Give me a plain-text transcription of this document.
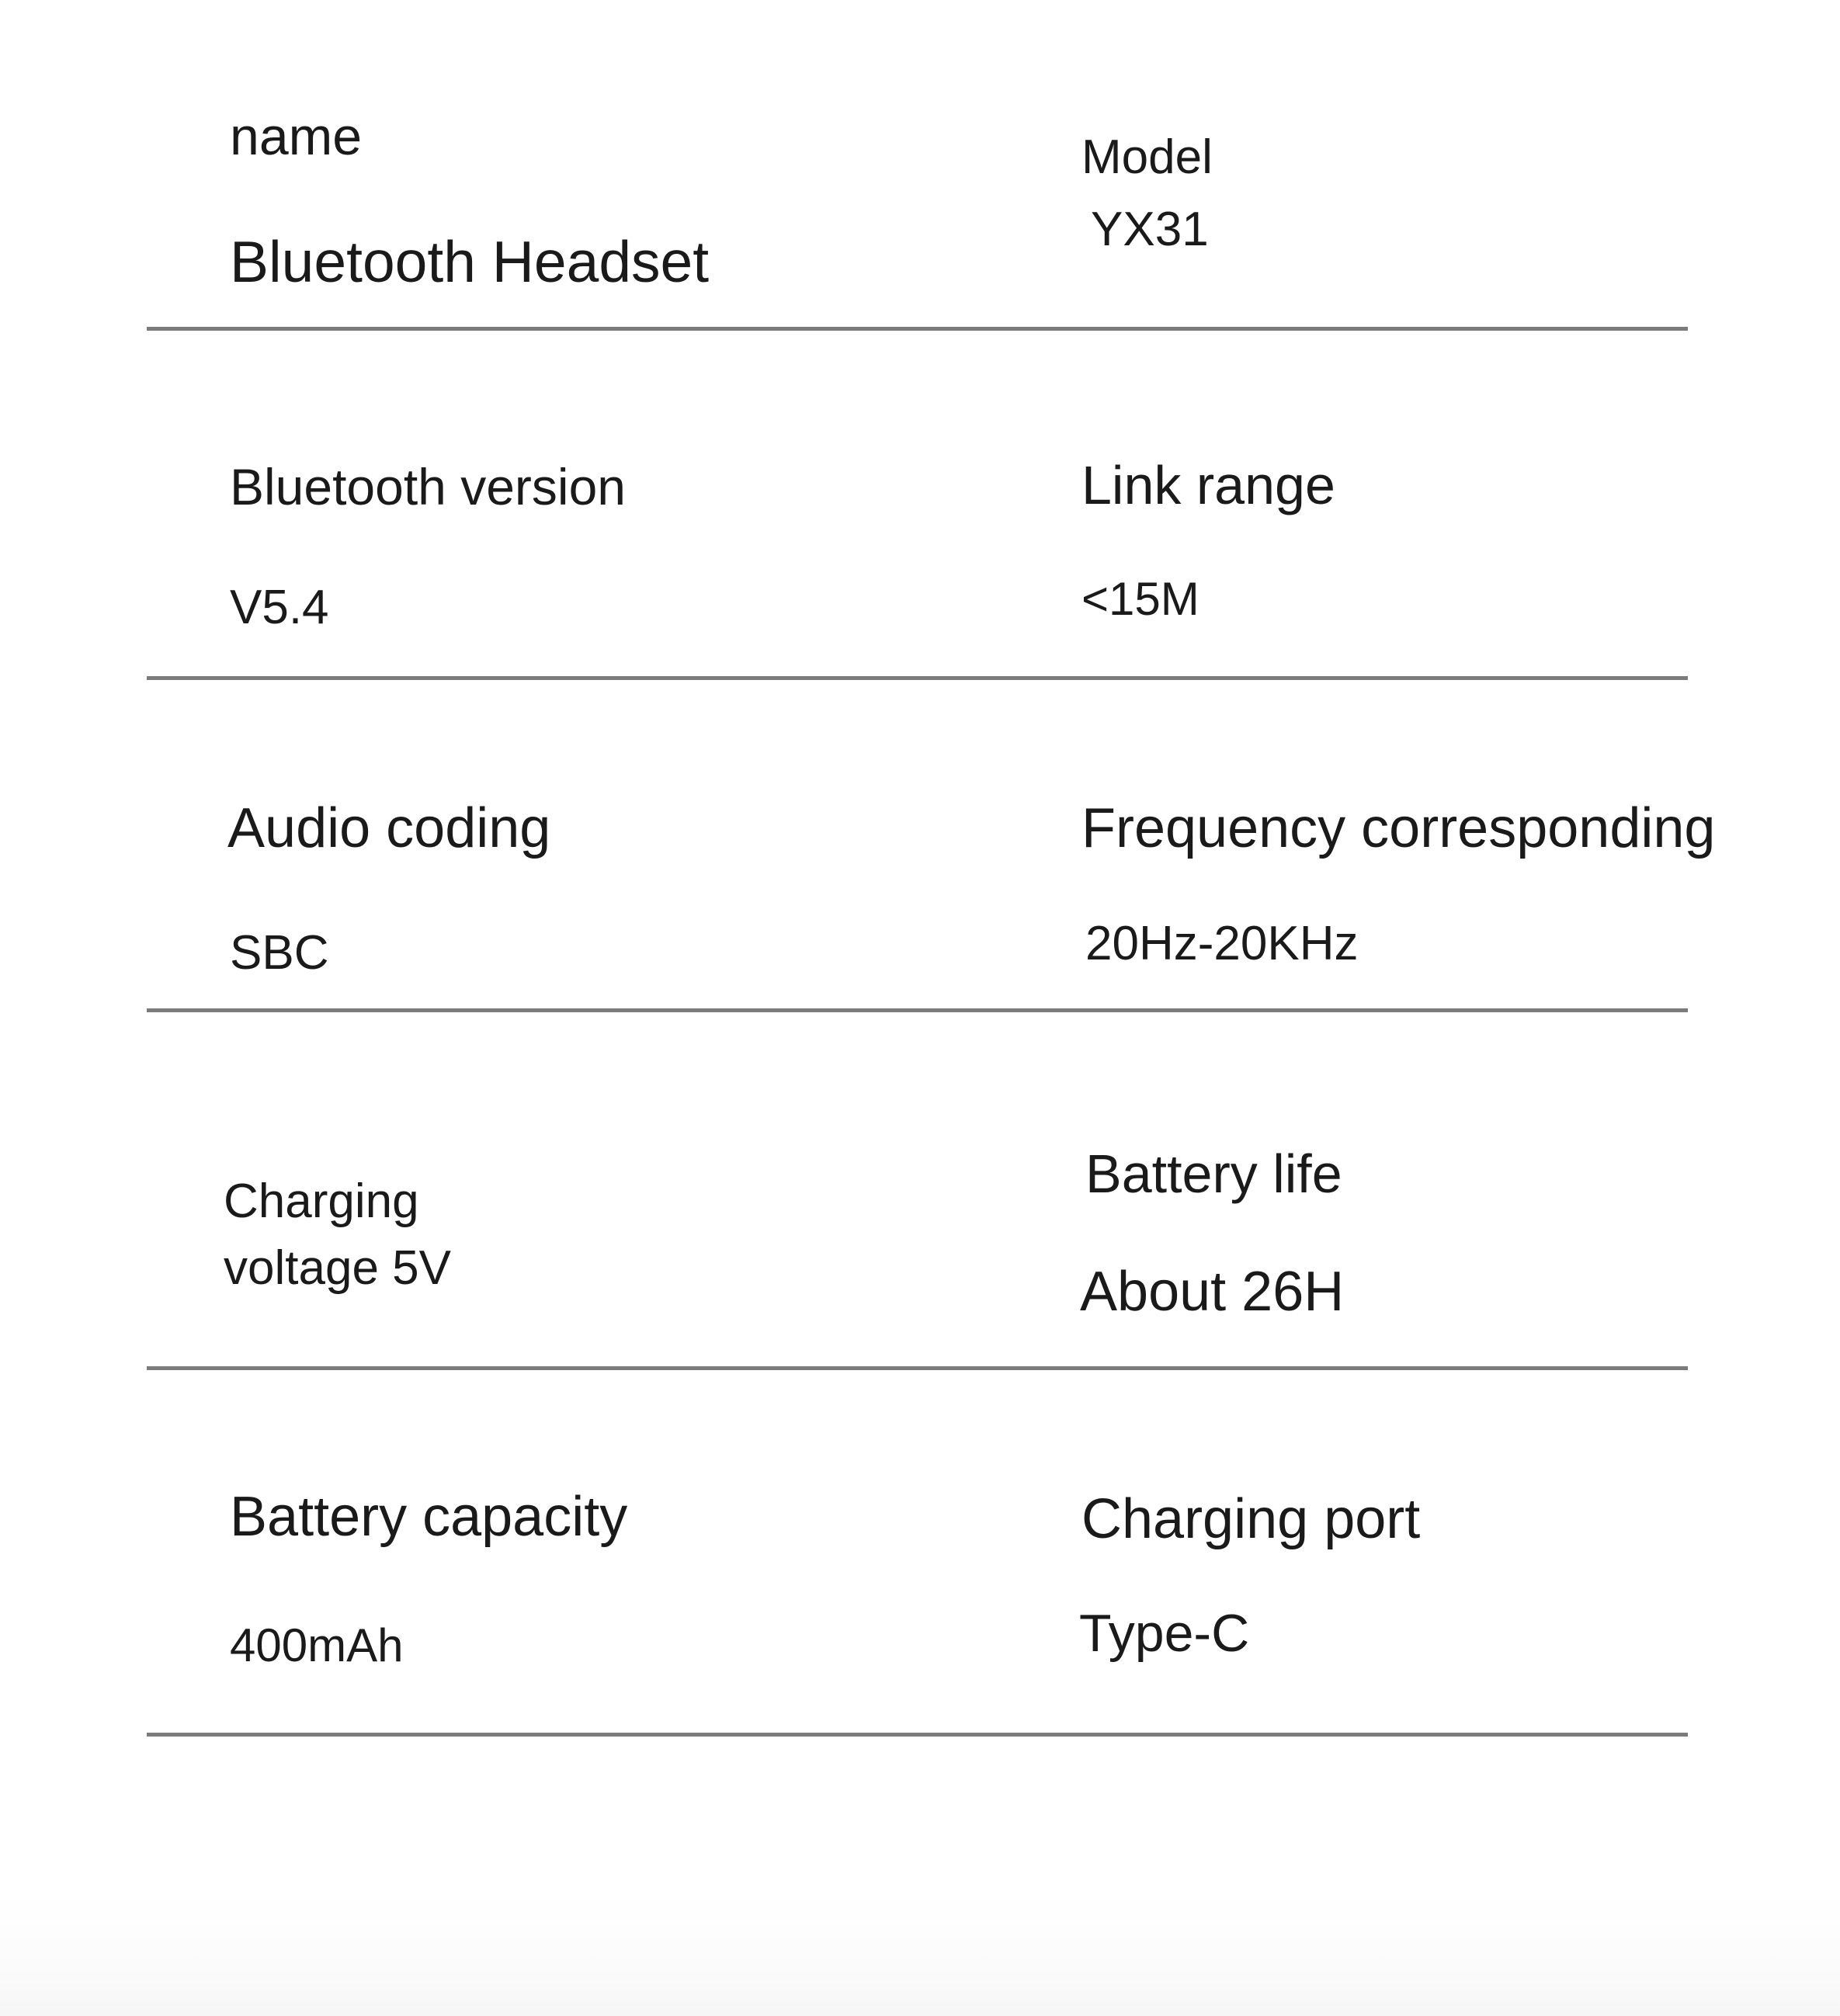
name
Bluetooth Headset
Model
YX31
Bluetooth version
V5.4
Link range
<15M
Audio coding
SBC
Frequency corresponding
20Hz-20KHz
Charging
voltage 5V
Battery life
About 26H
Battery capacity
400mAh
Charging port
Type-C
